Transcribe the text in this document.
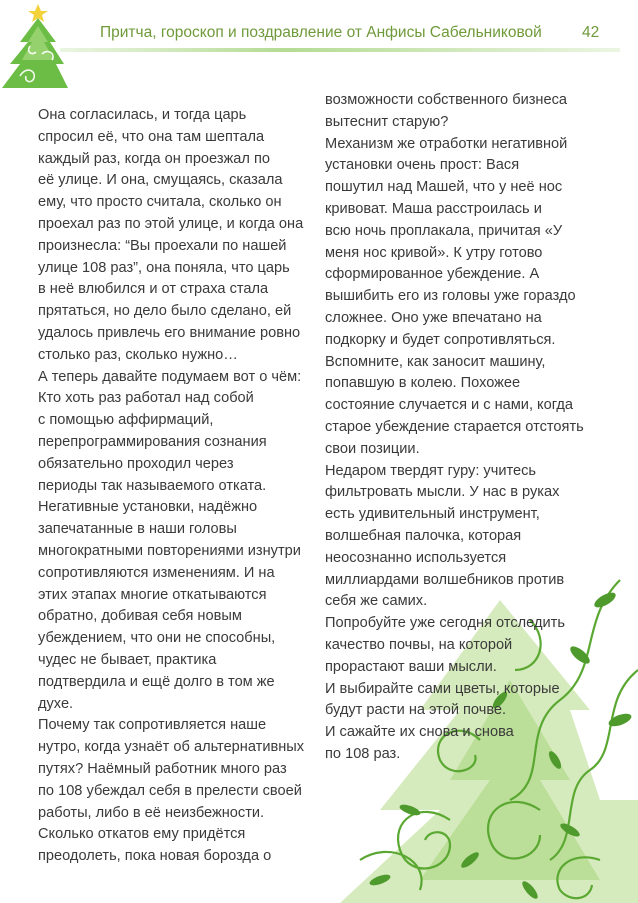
Притча, гороскоп и поздравление от Анфисы Сабельниковой	42

Она согласилась, и тогда царь

спросил её, что она там шептала

каждый раз, когда он проезжал по

её улице. И она, смущаясь, сказала

ему, что просто считала, сколько он

проехал раз по этой улице, и когда она

произнесла: “Вы проехали по нашей

улице 108 раз”, она поняла, что царь

в неё влюбился и от страха стала

прятаться, но дело было сделано, ей

удалось привлечь его внимание ровно

столько раз, сколько нужно…

А теперь давайте подумаем вот о чём:

Кто хоть раз работал над собой

с помощью аффирмаций,

перепрограммирования сознания

обязательно проходил через

периоды так называемого отката.

Негативные установки, надёжно

запечатанные в наши головы

многократными повторениями изнутри

сопротивляются изменениям. И на

этих этапах многие откатываются

обратно, добивая себя новым

убеждением, что они не способны,

чудес не бывает, практика

подтвердила и ещё долго в том же

духе.

Почему так сопротивляется наше

нутро, когда узнаёт об альтернативных

путях? Наёмный работник много раз

по 108 убеждал себя в прелести своей

работы, либо в её неизбежности.

Сколько откатов ему придётся

преодолеть, пока новая борозда о

возможности собственного бизнеса

вытеснит старую?

Механизм же отработки негативной

установки очень прост: Вася

пошутил над Машей, что у неё нос

кривоват. Маша расстроилась и

всю ночь проплакала, причитая «У

меня нос кривой». К утру готово

сформированное убеждение. А

вышибить его из головы уже гораздо

сложнее. Оно уже впечатано на

подкорку и будет сопротивляться.

Вспомните, как заносит машину,

попавшую в колею. Похожее

состояние случается и с нами, когда

старое убеждение старается отстоять

свои позиции.

Недаром твердят гуру: учитесь

фильтровать мысли. У нас в руках

есть удивительный инструмент,

волшебная палочка, которая

неосознанно используется

миллиардами волшебников против

себя же самих.

Попробуйте уже сегодня отследить

качество почвы, на которой

прорастают ваши мысли.

И выбирайте сами цветы, которые

будут расти на этой почве.

И сажайте их снова и снова

по 108 раз.
